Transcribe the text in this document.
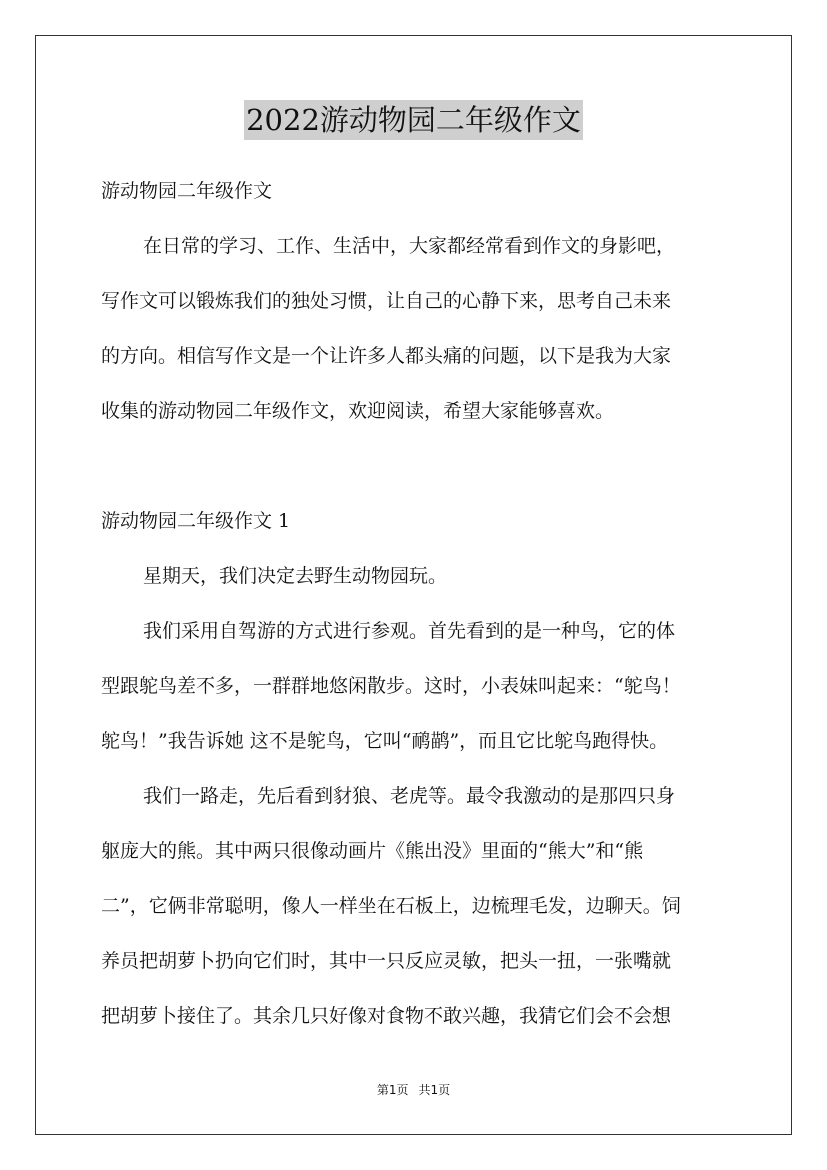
2022游动物园二年级作文

游动物园二年级作文

在日常的学习、工作、生活中，大家都经常看到作文的身影吧，

写作文可以锻炼我们的独处习惯，让自己的心静下来，思考自己未来

的方向。相信写作文是一个让许多人都头痛的问题，以下是我为大家

收集的游动物园二年级作文，欢迎阅读，希望大家能够喜欢。

游动物园二年级作文 1

星期天，我们决定去野生动物园玩。

我们采用自驾游的方式进行参观。首先看到的是一种鸟，它的体

型跟鸵鸟差不多，一群群地悠闲散步。这时，小表妹叫起来：“鸵鸟！

鸵鸟！”我告诉她 这不是鸵鸟，它叫“鸸鹋”，而且它比鸵鸟跑得快。

我们一路走，先后看到豺狼、老虎等。最令我激动的是那四只身

躯庞大的熊。其中两只很像动画片《熊出没》里面的“熊大”和“熊

二”，它俩非常聪明，像人一样坐在石板上，边梳理毛发，边聊天。饲

养员把胡萝卜扔向它们时，其中一只反应灵敏，把头一扭，一张嘴就

把胡萝卜接住了。其余几只好像对食物不敢兴趣，我猜它们会不会想

第1页 共1页
